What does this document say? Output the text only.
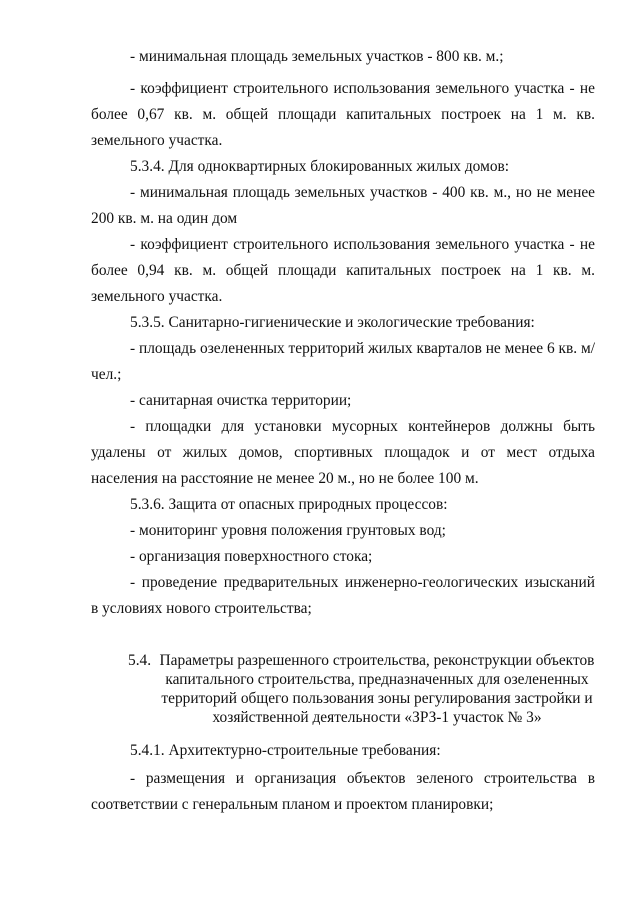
- минимальная площадь земельных участков - 800 кв. м.;

- коэффициент строительного использования земельного участка - не более 0,67 кв. м. общей площади капитальных построек на 1 м. кв. земельного участка.

5.3.4. Для одноквартирных блокированных жилых домов:

- минимальная площадь земельных участков - 400 кв. м., но не менее 200 кв. м. на один дом

- коэффициент строительного использования земельного участка - не более 0,94 кв. м. общей площади капитальных построек на 1 кв. м. земельного участка.

5.3.5. Санитарно-гигиенические и экологические требования:

- площадь озелененных территорий жилых кварталов не менее 6 кв. м/чел.;

- санитарная очистка территории;

- площадки для установки мусорных контейнеров должны быть удалены от жилых домов, спортивных площадок и от мест отдыха населения на расстояние не менее 20 м., но не более 100 м.

5.3.6. Защита от опасных природных процессов:

- мониторинг уровня положения грунтовых вод;

- организация поверхностного стока;

- проведение предварительных инженерно-геологических изысканий в условиях нового строительства;

5.4. Параметры разрешенного строительства, реконструкции объектов капитального строительства, предназначенных для озелененных территорий общего пользования зоны регулирования застройки и хозяйственной деятельности «ЗРЗ-1 участок № 3»

5.4.1. Архитектурно-строительные требования:

- размещения и организация объектов зеленого строительства в соответствии с генеральным планом и проектом планировки;
